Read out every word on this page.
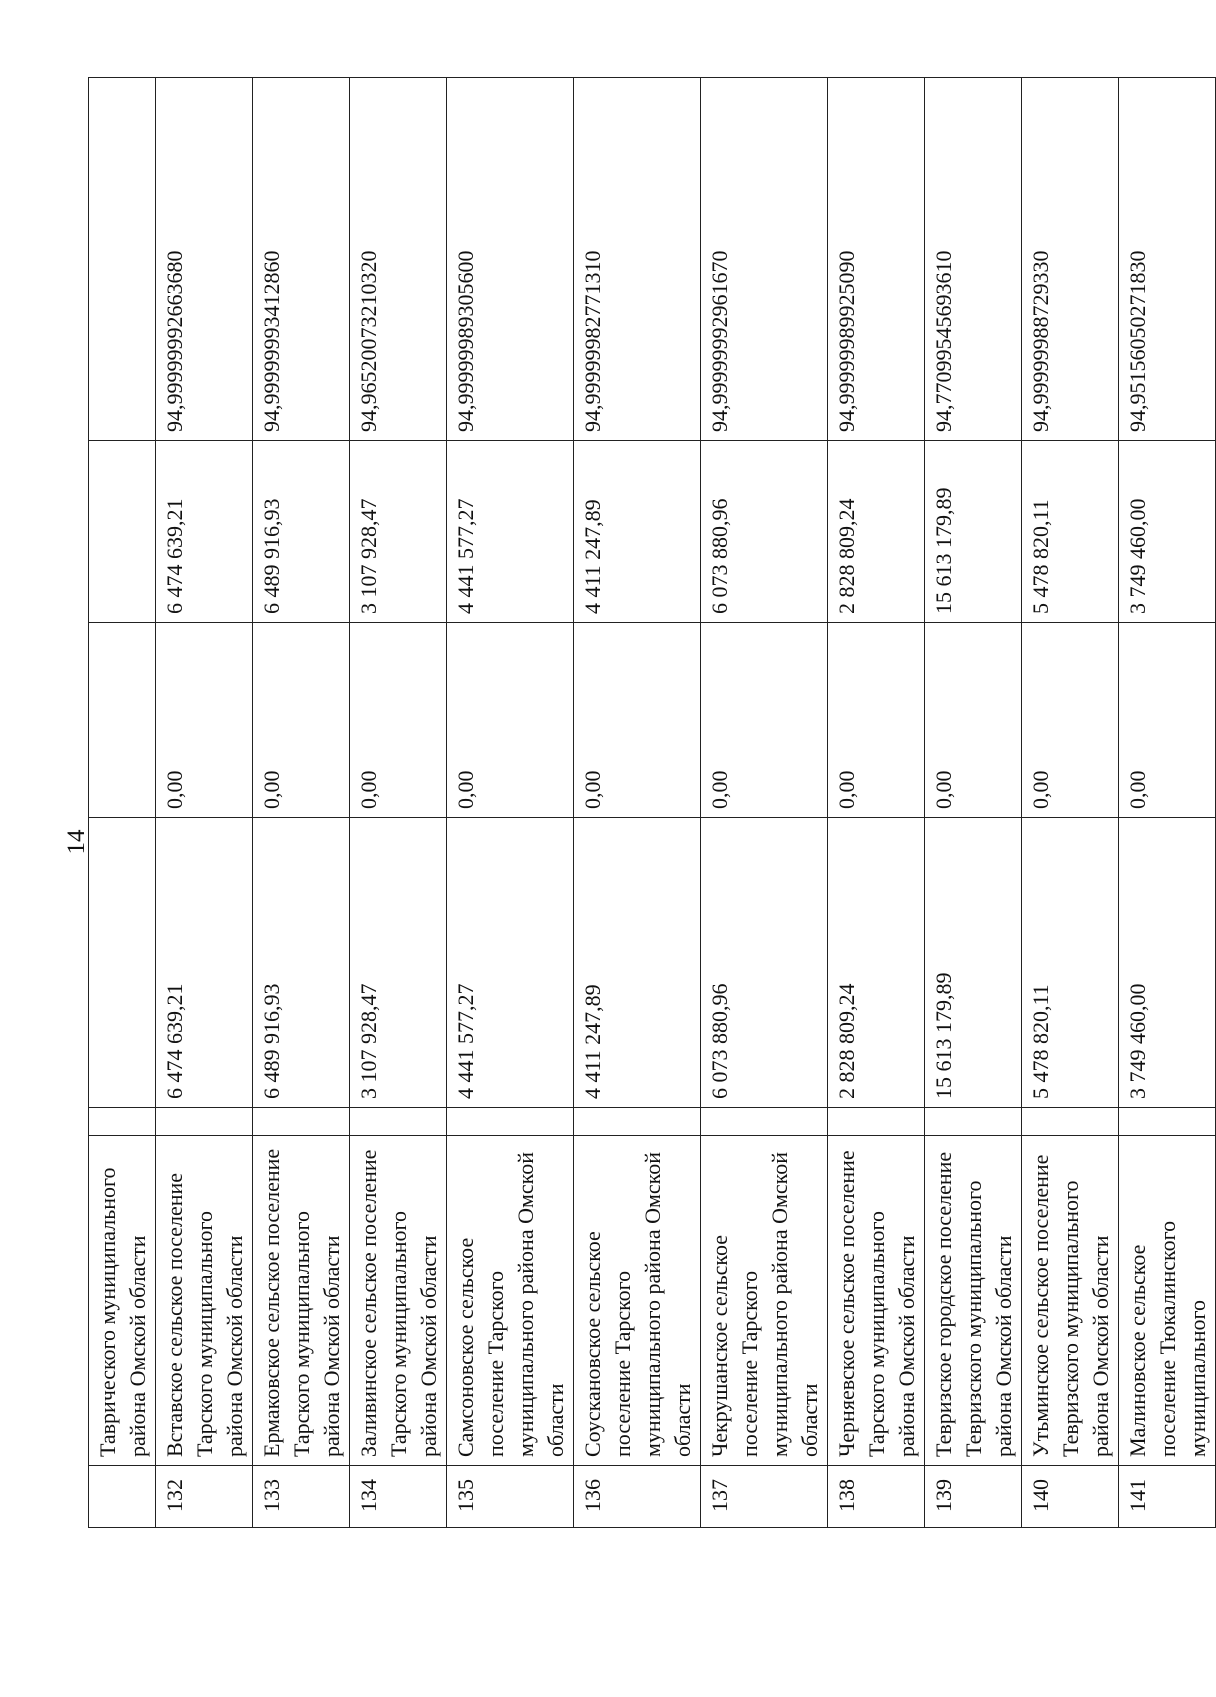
14
	Таврического муниципального района Омской области					
132	Вставское сельское поселение Тарского муниципального района Омской области		6 474 639,21	0,00	6 474 639,21	94,99999992663680
133	Ермаковское сельское поселение Тарского муниципального района Омской области		6 489 916,93	0,00	6 489 916,93	94,99999993412860
134	Заливинское сельское поселение Тарского муниципального района Омской области		3 107 928,47	0,00	3 107 928,47	94,96520073210320
135	Самсоновское сельское поселение Тарского муниципального района Омской области		4 441 577,27	0,00	4 441 577,27	94,99999989305600
136	Соускановское сельское поселение Тарского муниципального района Омской области		4 411 247,89	0,00	4 411 247,89	94,99999982771310
137	Чекрушанское сельское поселение Тарского муниципального района Омской области		6 073 880,96	0,00	6 073 880,96	94,99999992961670
138	Черняевское сельское поселение Тарского муниципального района Омской области		2 828 809,24	0,00	2 828 809,24	94,99999989925090
139	Тевризское городское поселение Тевризского муниципального района Омской области		15 613 179,89	0,00	15 613 179,89	94,77099545693610
140	Утьминское сельское поселение Тевризского муниципального района Омской области		5 478 820,11	0,00	5 478 820,11	94,99999988729330
141	Малиновское сельское поселение Тюкалинского муниципального		3 749 460,00	0,00	3 749 460,00	94,95156050271830
